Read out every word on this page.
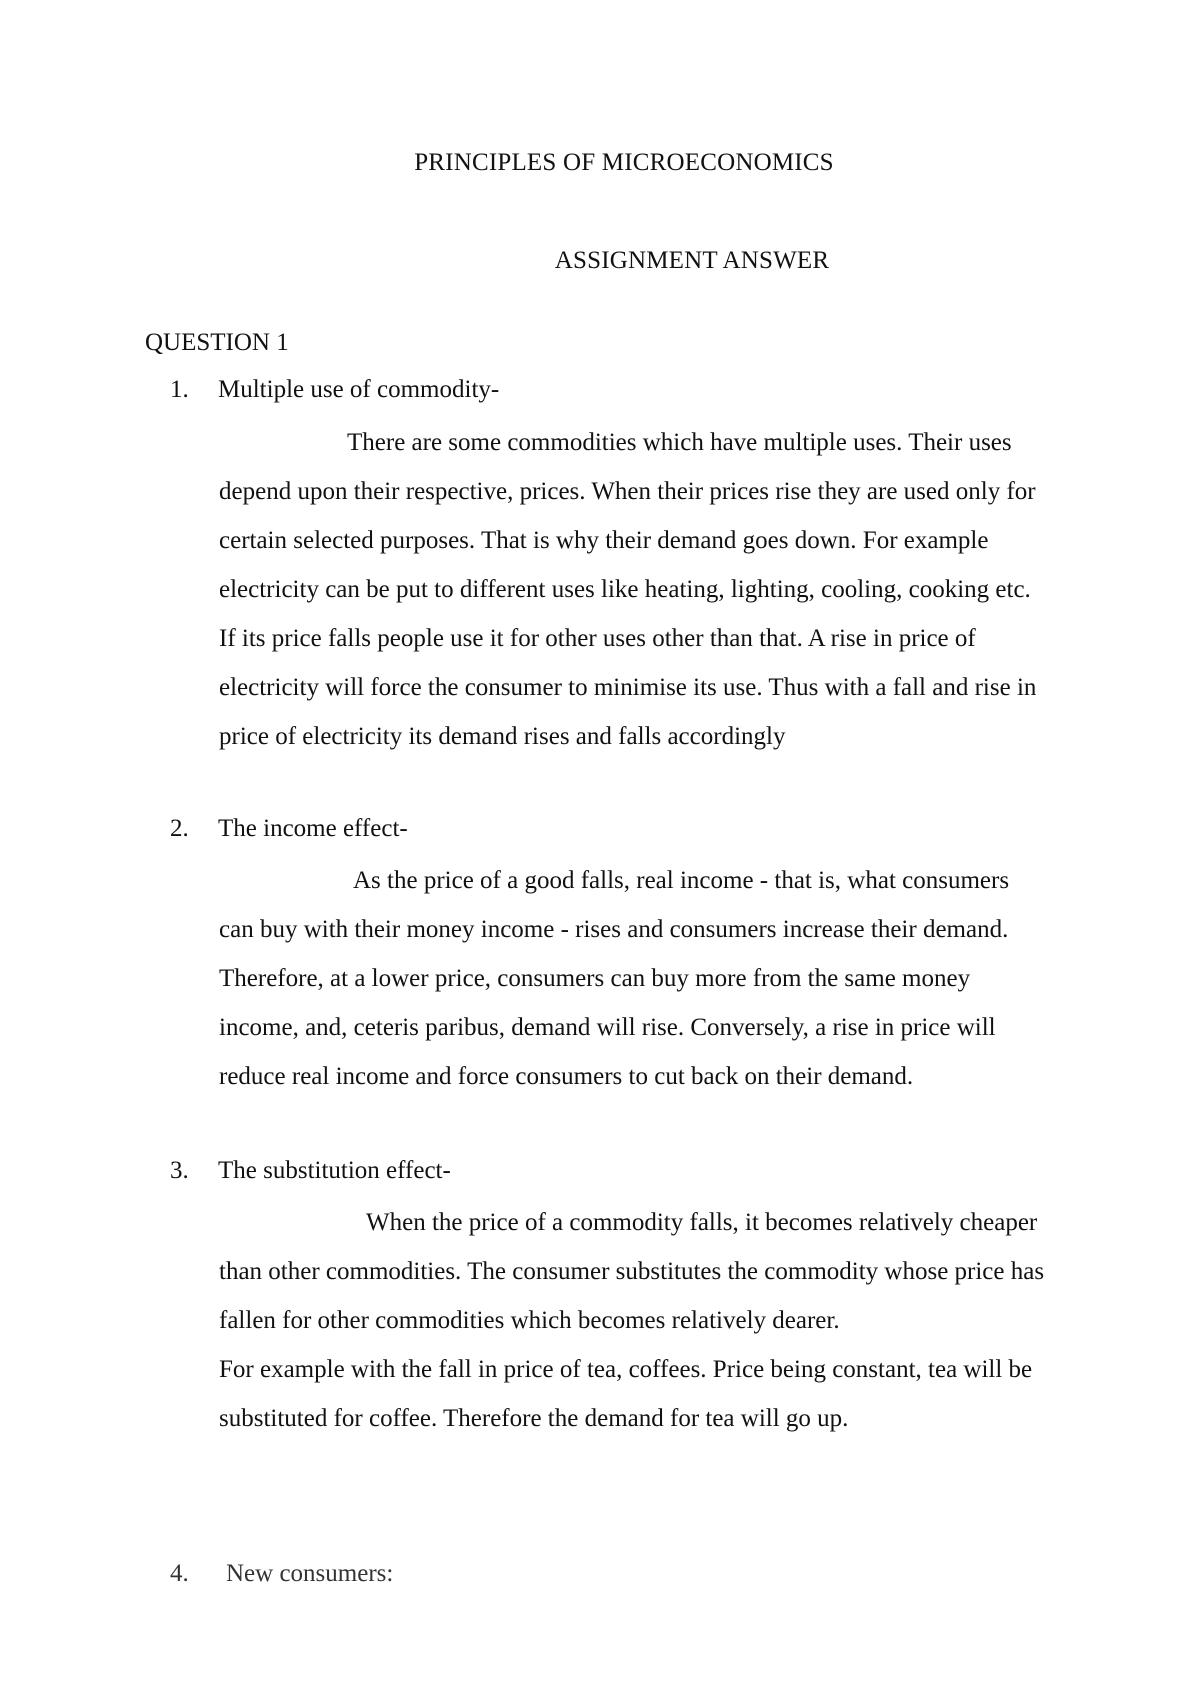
PRINCIPLES OF MICROECONOMICS
ASSIGNMENT ANSWER
QUESTION 1
1. Multiple use of commodity-

There are some commodities which have multiple uses. Their uses depend upon their respective, prices. When their prices rise they are used only for certain selected purposes. That is why their demand goes down. For example electricity can be put to different uses like heating, lighting, cooling, cooking etc. If its price falls people use it for other uses other than that. A rise in price of electricity will force the consumer to minimise its use. Thus with a fall and rise in price of electricity its demand rises and falls accordingly

2. The income effect-

As the price of a good falls, real income - that is, what consumers can buy with their money income - rises and consumers increase their demand. Therefore, at a lower price, consumers can buy more from the same money income, and, ceteris paribus, demand will rise. Conversely, a rise in price will reduce real income and force consumers to cut back on their demand.

3. The substitution effect-

When the price of a commodity falls, it becomes relatively cheaper than other commodities. The consumer substitutes the commodity whose price has fallen for other commodities which becomes relatively dearer.

For example with the fall in price of tea, coffees. Price being constant, tea will be substituted for coffee. Therefore the demand for tea will go up.

4. New consumers:
